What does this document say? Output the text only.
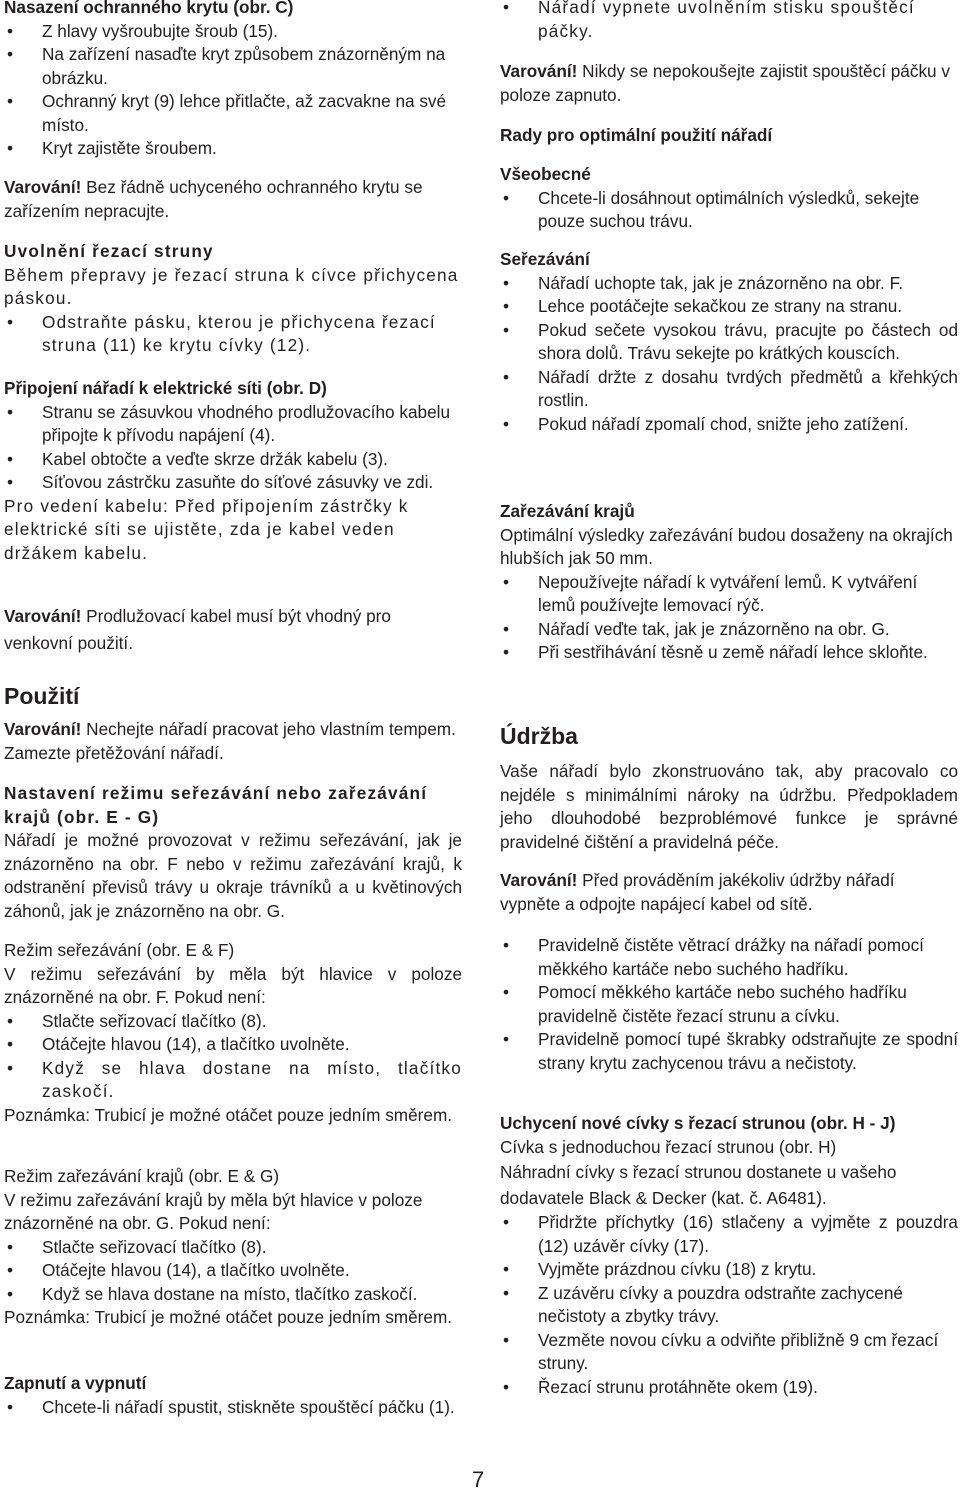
Nasazení ochranného krytu (obr. C)

• Z hlavy vyšroubujte šroub (15).
• Na zařízení nasaďte kryt způsobem znázorněným na obrázku.
• Ochranný kryt (9) lehce přitlačte, až zacvakne na své místo.
• Kryt zajistěte šroubem.

Varování! Bez řádně uchyceného ochranného krytu se zařízením nepracujte.

Uvolnění řezací struny

Během přepravy je řezací struna k cívce přichycena páskou.

• Odstraňte pásku, kterou je přichycena řezací struna (11) ke krytu cívky (12).

Připojení nářadí k elektrické síti (obr. D)

• Stranu se zásuvkou vhodného prodlužovacího kabelu připojte k přívodu napájení (4).
• Kabel obtočte a veďte skrze držák kabelu (3).
• Síťovou zástrčku zasuňte do síťové zásuvky ve zdi.

Pro vedení kabelu: Před připojením zástrčky k elektrické síti se ujistěte, zda je kabel veden držákem kabelu.

Varování! Prodlužovací kabel musí být vhodný pro venkovní použití.

Použití

Varování! Nechejte nářadí pracovat jeho vlastním tempem. Zamezte přetěžování nářadí.

Nastavení režimu seřezávání nebo zařezávání krajů (obr. E - G)

Nářadí je možné provozovat v režimu seřezávání, jak je znázorněno na obr. F nebo v režimu zařezávání krajů, k odstranění převisů trávy u okraje trávníků a u květinových záhonů, jak je znázorněno na obr. G.

Režim seřezávání (obr. E & F)

V režimu seřezávání by měla být hlavice v poloze znázorněné na obr. F. Pokud není:

• Stlačte seřizovací tlačítko (8).
• Otáčejte hlavou (14), a tlačítko uvolněte.
• Když se hlava dostane na místo, tlačítko zaskočí.

Poznámka: Trubicí je možné otáčet pouze jedním směrem.

Režim zařezávání krajů (obr. E & G)

V režimu zařezávání krajů by měla být hlavice v poloze znázorněné na obr. G. Pokud není:

• Stlačte seřizovací tlačítko (8).
• Otáčejte hlavou (14), a tlačítko uvolněte.
• Když se hlava dostane na místo, tlačítko zaskočí.

Poznámka: Trubicí je možné otáčet pouze jedním směrem.

Zapnutí a vypnutí

• Chcete-li nářadí spustit, stiskněte spouštěcí páčku (1).
• Nářadí vypnete uvolněním stisku spouštěcí páčky.

Varování! Nikdy se nepokoušejte zajistit spouštěcí páčku v poloze zapnuto.

Rady pro optimální použití nářadí

Všeobecné

• Chcete-li dosáhnout optimálních výsledků, sekejte pouze suchou trávu.

Seřezávání

• Nářadí uchopte tak, jak je znázorněno na obr. F.
• Lehce pootáčejte sekačkou ze strany na stranu.
• Pokud sečete vysokou trávu, pracujte po částech od shora dolů. Trávu sekejte po krátkých kouscích.
• Nářadí držte z dosahu tvrdých předmětů a křehkých rostlin.
• Pokud nářadí zpomalí chod, snižte jeho zatížení.

Zařezávání krajů

Optimální výsledky zařezávání budou dosaženy na okrajích hlubších jak 50 mm.

• Nepoužívejte nářadí k vytváření lemů. K vytváření lemů používejte lemovací rýč.
• Nářadí veďte tak, jak je znázorněno na obr. G.
• Při sestřihávání těsně u země nářadí lehce skloňte.
Údržba

Vaše nářadí bylo zkonstruováno tak, aby pracovalo co nejdéle s minimálními nároky na údržbu. Předpokladem jeho dlouhodobé bezproblémové funkce je správné pravidelné čištění a pravidelná péče.

Varování! Před prováděním jakékoliv údržby nářadí vypněte a odpojte napájecí kabel od sítě.

• Pravidelně čistěte větrací drážky na nářadí pomocí měkkého kartáče nebo suchého hadříku.
• Pomocí měkkého kartáče nebo suchého hadříku pravidelně čistěte řezací strunu a cívku.
• Pravidelně pomocí tupé škrabky odstraňujte ze spodní strany krytu zachycenou trávu a nečistoty.

Uchycení nové cívky s řezací strunou (obr. H - J)

Cívka s jednoduchou řezací strunou (obr. H)

Náhradní cívky s řezací strunou dostanete u vašeho dodavatele Black & Decker (kat. č. A6481).

• Přidržte příchytky (16) stlačeny a vyjměte z pouzdra (12) uzávěr cívky (17).
• Vyjměte prázdnou cívku (18) z krytu.
• Z uzávěru cívky a pouzdra odstraňte zachycené nečistoty a zbytky trávy.
• Vezměte novou cívku a odviňte přibližně 9 cm řezací struny.
• Řezací strunu protáhněte okem (19).
7
